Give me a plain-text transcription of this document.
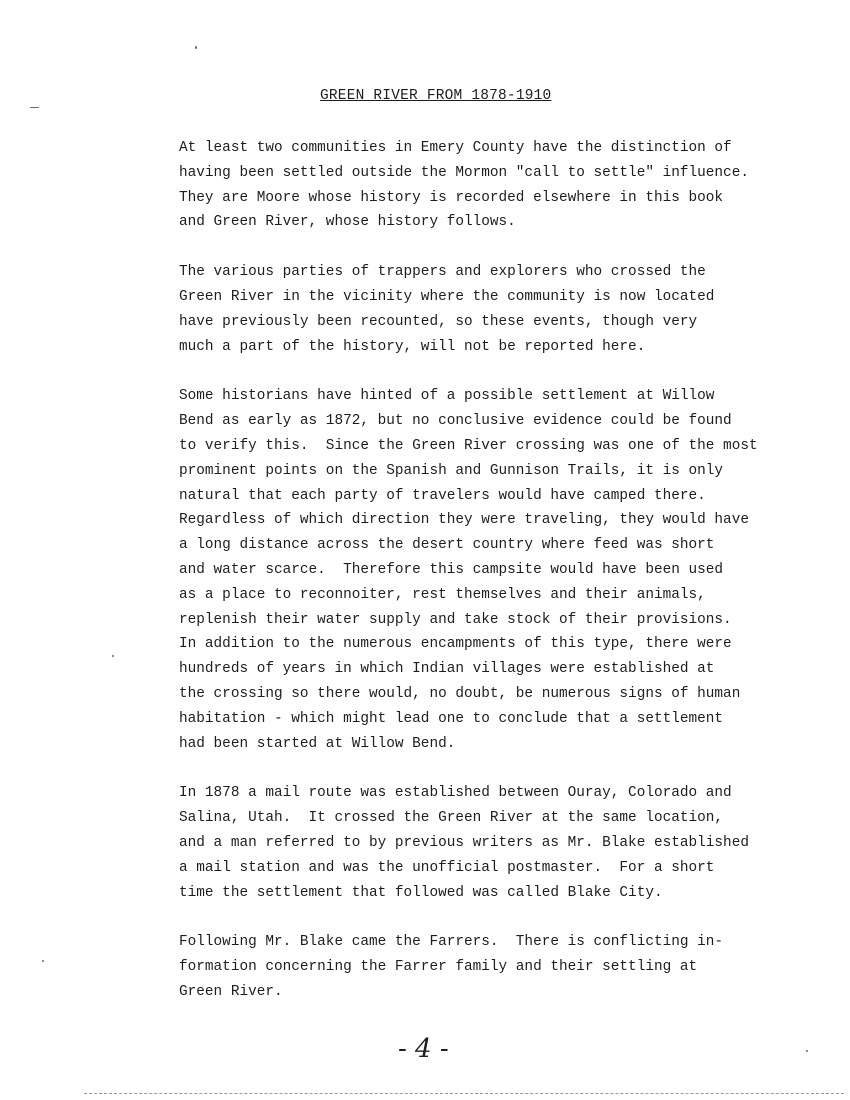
GREEN RIVER FROM 1878-1910
At least two communities in Emery County have the distinction of
having been settled outside the Mormon "call to settle" influence.
They are Moore whose history is recorded elsewhere in this book
and Green River, whose history follows.
The various parties of trappers and explorers who crossed the
Green River in the vicinity where the community is now located
have previously been recounted, so these events, though very
much a part of the history, will not be reported here.
Some historians have hinted of a possible settlement at Willow
Bend as early as 1872, but no conclusive evidence could be found
to verify this.  Since the Green River crossing was one of the most
prominent points on the Spanish and Gunnison Trails, it is only
natural that each party of travelers would have camped there.
Regardless of which direction they were traveling, they would have
a long distance across the desert country where feed was short
and water scarce.  Therefore this campsite would have been used
as a place to reconnoiter, rest themselves and their animals,
replenish their water supply and take stock of their provisions.
In addition to the numerous encampments of this type, there were
hundreds of years in which Indian villages were established at
the crossing so there would, no doubt, be numerous signs of human
habitation - which might lead one to conclude that a settlement
had been started at Willow Bend.
In 1878 a mail route was established between Ouray, Colorado and
Salina, Utah.  It crossed the Green River at the same location,
and a man referred to by previous writers as Mr. Blake established
a mail station and was the unofficial postmaster.  For a short
time the settlement that followed was called Blake City.
Following Mr. Blake came the Farrers.  There is conflicting in-
formation concerning the Farrer family and their settling at
Green River.
- 4 -
